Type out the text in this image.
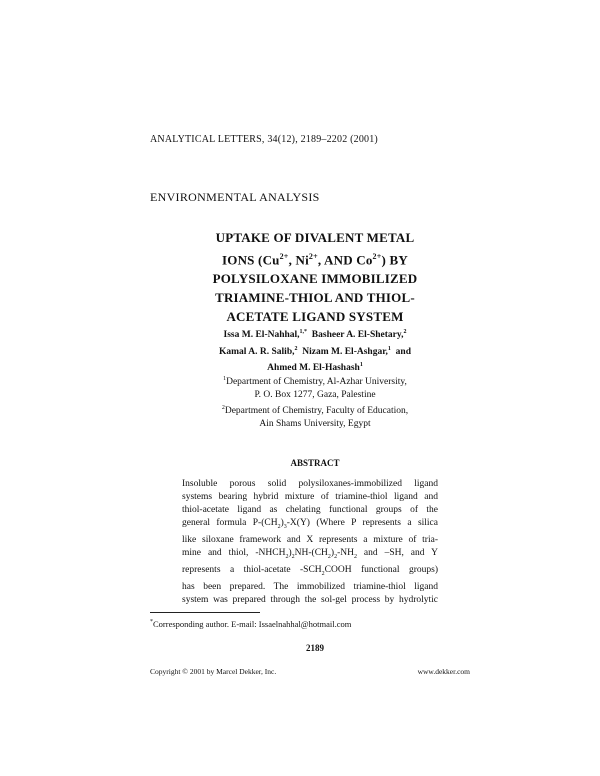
ANALYTICAL LETTERS, 34(12), 2189–2202 (2001)
ENVIRONMENTAL ANALYSIS
UPTAKE OF DIVALENT METAL
IONS ($Cu^{2+}$, $Ni^{2+}$, AND $Co^{2+}$) BY
POLYSILOXANE IMMOBILIZED
TRIAMINE-THIOL AND THIOL-
ACETATE LIGAND SYSTEM
Issa M. El-Nahhal,$^{1,*}$ Basheer A. El-Shetary,$^2$
Kamal A. R. Salib,$^2$ Nizam M. El-Ashgar,$^1$ and
Ahmed M. El-Hashash$^1$
$^1$Department of Chemistry, Al-Azhar University,
P. O. Box 1277, Gaza, Palestine
$^2$Department of Chemistry, Faculty of Education,
Ain Shams University, Egypt
ABSTRACT
Insoluble porous solid polysiloxanes-immobilized ligand
systems bearing hybrid mixture of triamine-thiol ligand and
thiol-acetate ligand as chelating functional groups of the
general formula $P-(CH_2)_3-X(Y)$ (Where P represents a silica
like siloxane framework and X represents a mixture of tria-
mine and thiol, $-NHCH_2)_2NH-(CH_2)_2-NH_2$ and –SH, and Y
represents a thiol-acetate $-SCH_2COOH$ functional groups)
has been prepared. The immobilized triamine-thiol ligand
system was prepared through the sol-gel process by hydrolytic
*Corresponding author. E-mail: Issaelnahhal@hotmail.com
2189
Copyright © 2001 by Marcel Dekker, Inc.	www.dekker.com
